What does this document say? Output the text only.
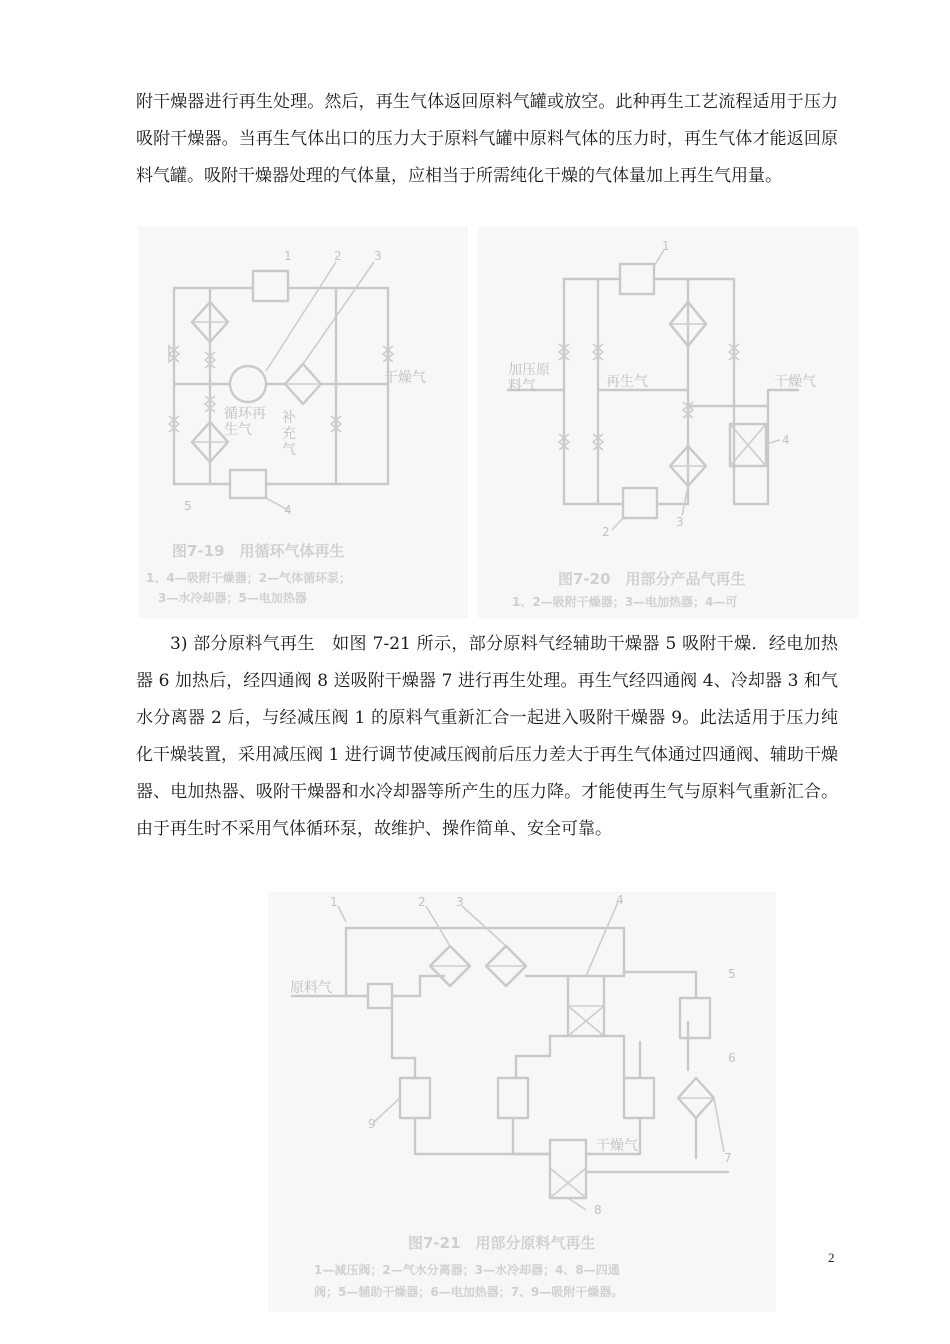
附干燥器进行再生处理。然后，再生气体返回原料气罐或放空。此种再生工艺流程适用于压力吸附干燥器。当再生气体出口的压力大于原料气罐中原料气体的压力时，再生气体才能返回原料气罐。吸附干燥器处理的气体量，应相当于所需纯化干燥的气体量加上再生气用量。

1	2	3
4
5
干燥气
循环再
生气
补
充
气
图7-19　用循环气体再生
1、4—吸附干燥器；2—气体循环泵；
3—水冷却器；5—电加热器
1
2
3
4
加压原
料气	再生气	干燥气
图7-20　用部分产品气再生
1、2—吸附干燥器；3—电加热器；4—可

3) 部分原料气再生　如图 7-21 所示，部分原料气经辅助干燥器 5 吸附干燥．经电加热器 6 加热后，经四通阀 8 送吸附干燥器 7 进行再生处理。再生气经四通阀 4、冷却器 3 和气水分离器 2 后，与经减压阀 1 的原料气重新汇合一起进入吸附干燥器 9。此法适用于压力纯化干燥装置，采用减压阀 1 进行调节使减压阀前后压力差大于再生气体通过四通阀、辅助干燥器、电加热器、吸附干燥器和水冷却器等所产生的压力降。才能使再生气与原料气重新汇合。由于再生时不采用气体循环泵，故维护、操作简单、安全可靠。

1	2	3	4
5
6
7
8
9
原料气
干燥气
图7-21　用部分原料气再生
1—减压阀；2—气水分离器；3—水冷却器；4、8—四通
阀；5—辅助干燥器；6—电加热器；7、9—吸附干燥器。
2
